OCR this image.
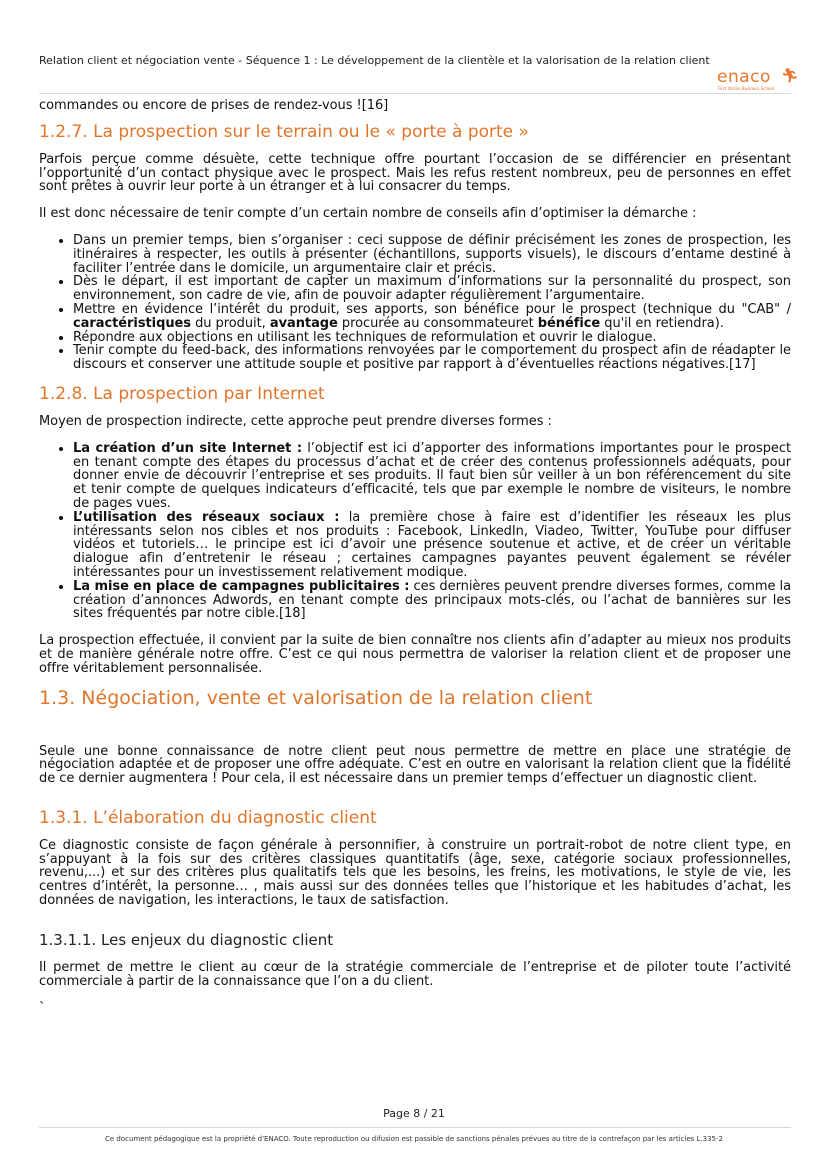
Relation client et négociation vente - Séquence 1 : Le développement de la clientèle et la valorisation de la relation client
enaco 🏃︎
First Online Business School

commandes ou encore de prises de rendez-vous ![16]

1.2.7. La prospection sur le terrain ou le « porte à porte »

Parfois perçue comme désuète, cette technique offre pourtant l’occasion de se différencier en présentant l’opportunité d’un contact physique avec le prospect. Mais les refus restent nombreux, peu de personnes en effet sont prêtes à ouvrir leur porte à un étranger et à lui consacrer du temps.

Il est donc nécessaire de tenir compte d’un certain nombre de conseils afin d’optimiser la démarche :

• Dans un premier temps, bien s’organiser : ceci suppose de définir précisément les zones de prospection, les itinéraires à respecter, les outils à présenter (échantillons, supports visuels), le discours d’entame destiné à faciliter l’entrée dans le domicile, un argumentaire clair et précis.
• Dès le départ, il est important de capter un maximum d’informations sur la personnalité du prospect, son environnement, son cadre de vie, afin de pouvoir adapter régulièrement l’argumentaire.
• Mettre en évidence l’intérêt du produit, ses apports, son bénéfice pour le prospect (technique du "CAB" / caractéristiques du produit, avantage procurée au consommateuret bénéfice qu'il en retiendra).
• Répondre aux objections en utilisant les techniques de reformulation et ouvrir le dialogue.
• Tenir compte du feed-back, des informations renvoyées par le comportement du prospect afin de réadapter le discours et conserver une attitude souple et positive par rapport à d’éventuelles réactions négatives.[17]
1.2.8. La prospection par Internet

Moyen de prospection indirecte, cette approche peut prendre diverses formes :

• La création d’un site Internet : l’objectif est ici d’apporter des informations importantes pour le prospect en tenant compte des étapes du processus d’achat et de créer des contenus professionnels adéquats, pour donner envie de découvrir l’entreprise et ses produits. Il faut bien sûr veiller à un bon référencement du site et tenir compte de quelques indicateurs d’efficacité, tels que par exemple le nombre de visiteurs, le nombre de pages vues.
• L’utilisation des réseaux sociaux : la première chose à faire est d’identifier les réseaux les plus intéressants selon nos cibles et nos produits : Facebook, LinkedIn, Viadeo, Twitter, YouTube pour diffuser vidéos et tutoriels… le principe est ici d’avoir une présence soutenue et active, et de créer un véritable dialogue afin d’entretenir le réseau ; certaines campagnes payantes peuvent également se révéler intéressantes pour un investissement relativement modique.
• La mise en place de campagnes publicitaires : ces dernières peuvent prendre diverses formes, comme la création d’annonces Adwords, en tenant compte des principaux mots-clés, ou l’achat de bannières sur les sites fréquentés par notre cible.[18]

La prospection effectuée, il convient par la suite de bien connaître nos clients afin d’adapter au mieux nos produits et de manière générale notre offre. C’est ce qui nous permettra de valoriser la relation client et de proposer une offre véritablement personnalisée.

1.3. Négociation, vente et valorisation de la relation client

Seule une bonne connaissance de notre client peut nous permettre de mettre en place une stratégie de négociation adaptée et de proposer une offre adéquate. C’est en outre en valorisant la relation client que la fidélité de ce dernier augmentera ! Pour cela, il est nécessaire dans un premier temps d’effectuer un diagnostic client.

1.3.1. L’élaboration du diagnostic client

Ce diagnostic consiste de façon générale à personnifier, à construire un portrait-robot de notre client type, en s’appuyant à la fois sur des critères classiques quantitatifs (âge, sexe, catégorie sociaux professionnelles, revenu,...) et sur des critères plus qualitatifs tels que les besoins, les freins, les motivations, le style de vie, les centres d’intérêt, la personne… , mais aussi sur des données telles que l’historique et les habitudes d’achat, les données de navigation, les interactions, le taux de satisfaction.

1.3.1.1. Les enjeux du diagnostic client

Il permet de mettre le client au cœur de la stratégie commerciale de l’entreprise et de piloter toute l’activité commerciale à partir de la connaissance que l’on a du client.

`

Page 8 / 21
Ce document pédagogique est la propriété d'ENACO. Toute reproduction ou difusion est passible de sanctions pénales prévues au titre de la contrefaçon par les articles L.335-2
